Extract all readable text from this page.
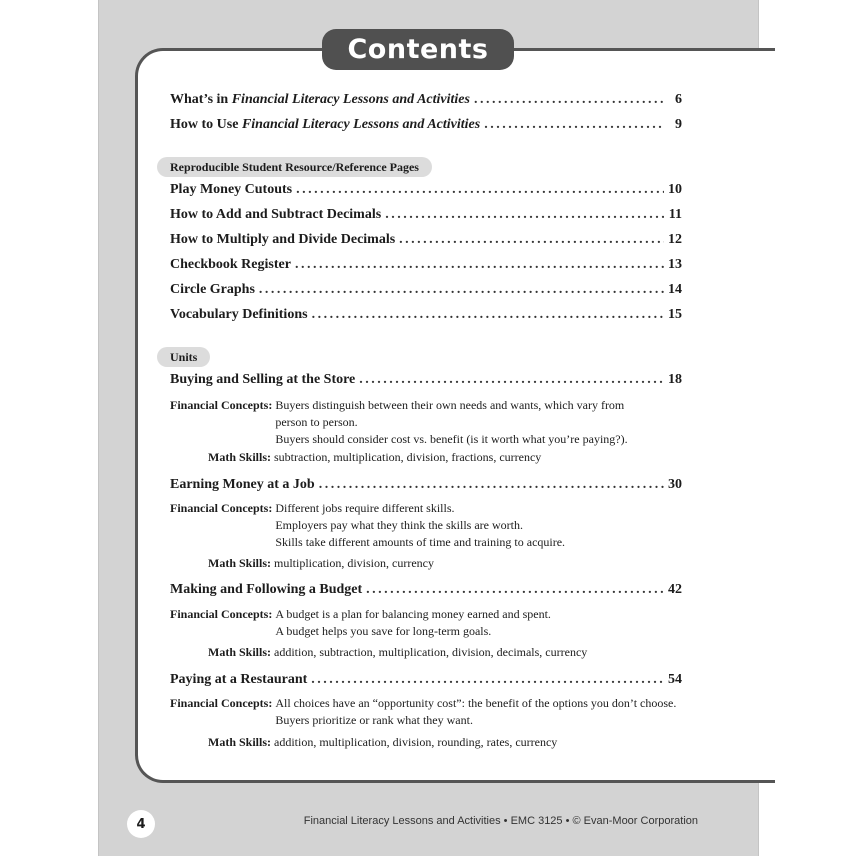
Contents
What’s in Financial Literacy Lessons and Activities . . .	6
How to Use Financial Literacy Lessons and Activities . . .	9
Reproducible Student Resource/Reference Pages
Play Money Cutouts . . .	10
How to Add and Subtract Decimals . . .	11
How to Multiply and Divide Decimals . . .	12
Checkbook Register . . .	13
Circle Graphs . . .	14
Vocabulary Definitions . . .	15
Units
Buying and Selling at the Store . . .	18
Financial Concepts: Buyers distinguish between their own needs and wants, which vary from
person to person.
Buyers should consider cost vs. benefit (is it worth what you’re paying?).
Math Skills: subtraction, multiplication, division, fractions, currency
Earning Money at a Job . . .	30
Financial Concepts: Different jobs require different skills.
Employers pay what they think the skills are worth.
Skills take different amounts of time and training to acquire.
Math Skills: multiplication, division, currency
Making and Following a Budget . . .	42
Financial Concepts: A budget is a plan for balancing money earned and spent.
A budget helps you save for long-term goals.
Math Skills: addition, subtraction, multiplication, division, decimals, currency
Paying at a Restaurant . . .	54
Financial Concepts: All choices have an “opportunity cost”: the benefit of the options you don’t choose.
Buyers prioritize or rank what they want.
Math Skills: addition, multiplication, division, rounding, rates, currency
4	Financial Literacy Lessons and Activities • EMC 3125 • © Evan-Moor Corporation
